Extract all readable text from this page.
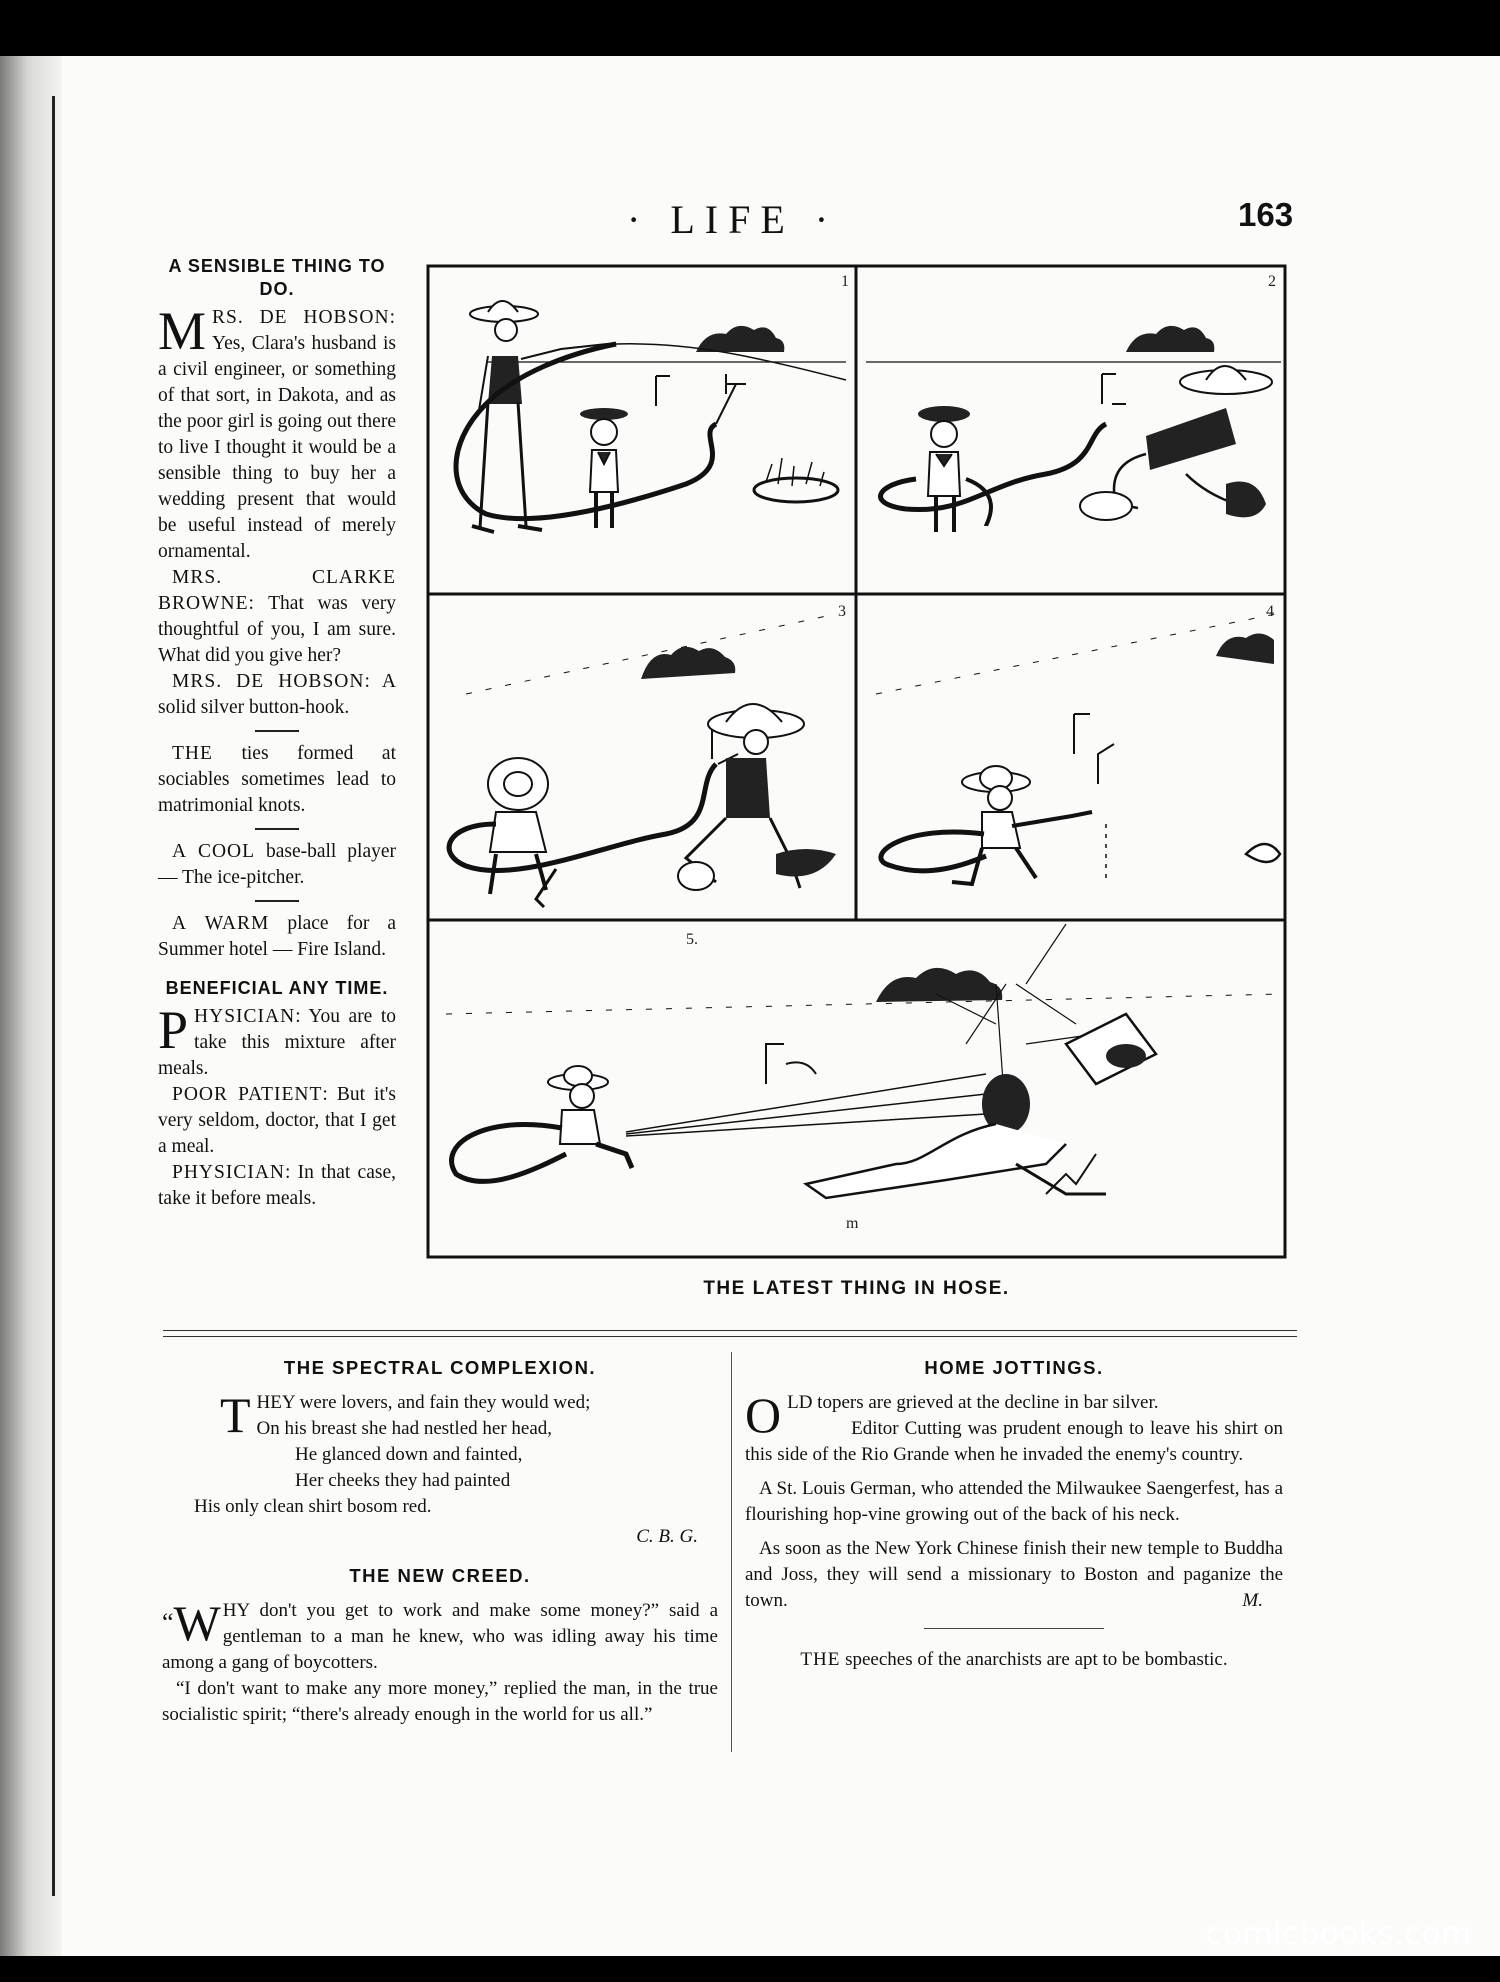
· LIFE ·	163
A SENSIBLE THING TO DO.

MRS. DE HOBSON: Yes, Clara's husband is a civil engineer, or something of that sort, in Dakota, and as the poor girl is going out there to live I thought it would be a sensible thing to buy her a wedding present that would be useful instead of merely ornamental.

MRS. CLARKE BROWNE: That was very thoughtful of you, I am sure. What did you give her?

MRS. DE HOBSON: A solid silver button-hook.

THE ties formed at sociables sometimes lead to matrimonial knots.

A COOL base-ball player — The ice-pitcher.

A WARM place for a Summer hotel — Fire Island.

BENEFICIAL ANY TIME.

PHYSICIAN: You are to take this mixture after meals.

POOR PATIENT: But it's very seldom, doctor, that I get a meal.

PHYSICIAN: In that case, take it before meals.

1	2
3	4
5.
m
THE LATEST THING IN HOSE.
THE SPECTRAL COMPLEXION.
T HEY were lovers, and fain they would wed;
On his breast she had nestled her head,
He glanced down and fainted,
Her cheeks they had painted
His only clean shirt bosom red.
C. B. G.
THE NEW CREED.

“W HY don't you get to work and make some money?” said a gentleman to a man he knew, who was idling away his time among a gang of boycotters.

“I don't want to make any more money,” replied the man, in the true socialistic spirit; “there's already enough in the world for us all.”

HOME JOTTINGS.

OLD topers are grieved at the decline in bar silver.

Editor Cutting was prudent enough to leave his shirt on this side of the Rio Grande when he invaded the enemy's country.

A St. Louis German, who attended the Milwaukee Saengerfest, has a flourishing hop-vine growing out of the back of his neck.

As soon as the New York Chinese finish their new temple to Buddha and Joss, they will send a missionary to Boston and paganize the town.	M.

THE speeches of the anarchists are apt to be bombastic.

comicbooks.com
